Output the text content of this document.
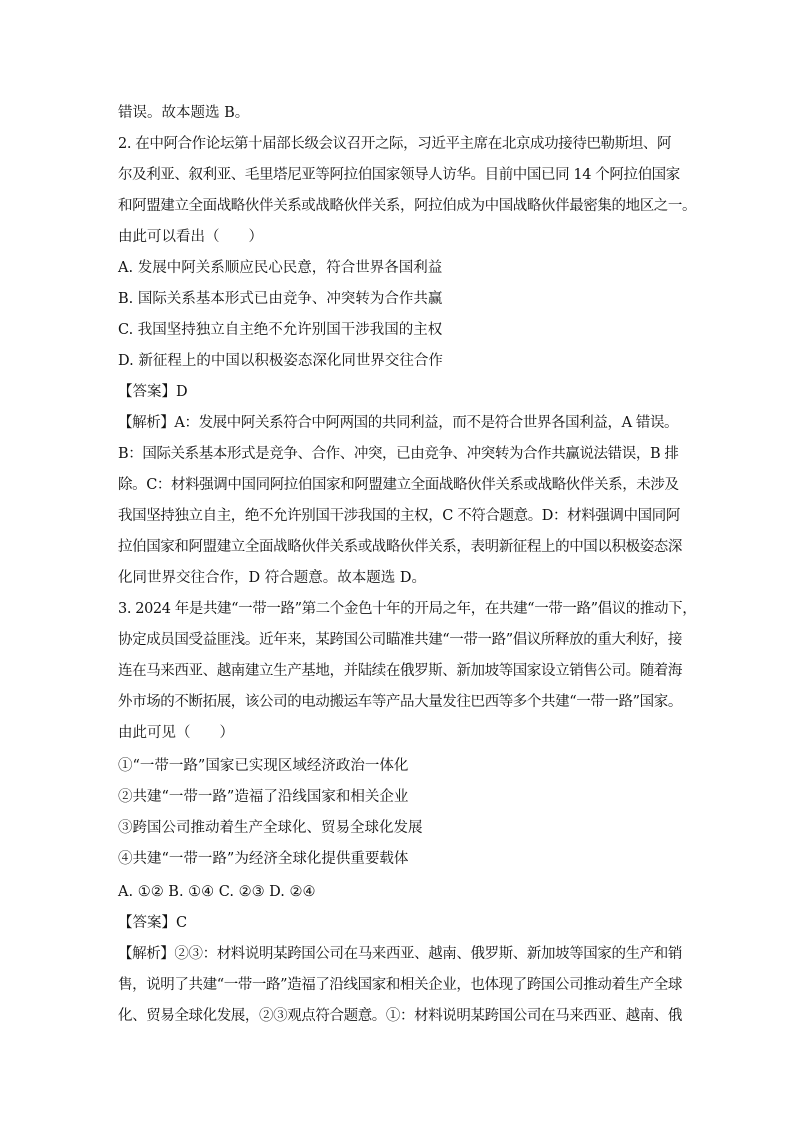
错误。故本题选 B。
2. 在中阿合作论坛第十届部长级会议召开之际，习近平主席在北京成功接待巴勒斯坦、阿
尔及利亚、叙利亚、毛里塔尼亚等阿拉伯国家领导人访华。目前中国已同 14 个阿拉伯国家
和阿盟建立全面战略伙伴关系或战略伙伴关系，阿拉伯成为中国战略伙伴最密集的地区之一。
由此可以看出（　　）
A. 发展中阿关系顺应民心民意，符合世界各国利益
B. 国际关系基本形式已由竞争、冲突转为合作共赢
C. 我国坚持独立自主绝不允许别国干涉我国的主权
D. 新征程上的中国以积极姿态深化同世界交往合作
【答案】D
【解析】A：发展中阿关系符合中阿两国的共同利益，而不是符合世界各国利益，A 错误。
B：国际关系基本形式是竞争、合作、冲突，已由竞争、冲突转为合作共赢说法错误，B 排
除。C：材料强调中国同阿拉伯国家和阿盟建立全面战略伙伴关系或战略伙伴关系，未涉及
我国坚持独立自主，绝不允许别国干涉我国的主权，C 不符合题意。D：材料强调中国同阿
拉伯国家和阿盟建立全面战略伙伴关系或战略伙伴关系，表明新征程上的中国以积极姿态深
化同世界交往合作，D 符合题意。故本题选 D。
3. 2024 年是共建“一带一路”第二个金色十年的开局之年，在共建“一带一路”倡议的推动下，
协定成员国受益匪浅。近年来，某跨国公司瞄准共建“一带一路”倡议所释放的重大利好，接
连在马来西亚、越南建立生产基地，并陆续在俄罗斯、新加坡等国家设立销售公司。随着海
外市场的不断拓展，该公司的电动搬运车等产品大量发往巴西等多个共建“一带一路”国家。
由此可见（　　）
①“一带一路”国家已实现区域经济政治一体化
②共建“一带一路”造福了沿线国家和相关企业
③跨国公司推动着生产全球化、贸易全球化发展
④共建“一带一路”为经济全球化提供重要载体
A. ①② B. ①④ C. ②③ D. ②④
【答案】C
【解析】②③：材料说明某跨国公司在马来西亚、越南、俄罗斯、新加坡等国家的生产和销
售，说明了共建“一带一路”造福了沿线国家和相关企业，也体现了跨国公司推动着生产全球
化、贸易全球化发展，②③观点符合题意。①：材料说明某跨国公司在马来西亚、越南、俄
